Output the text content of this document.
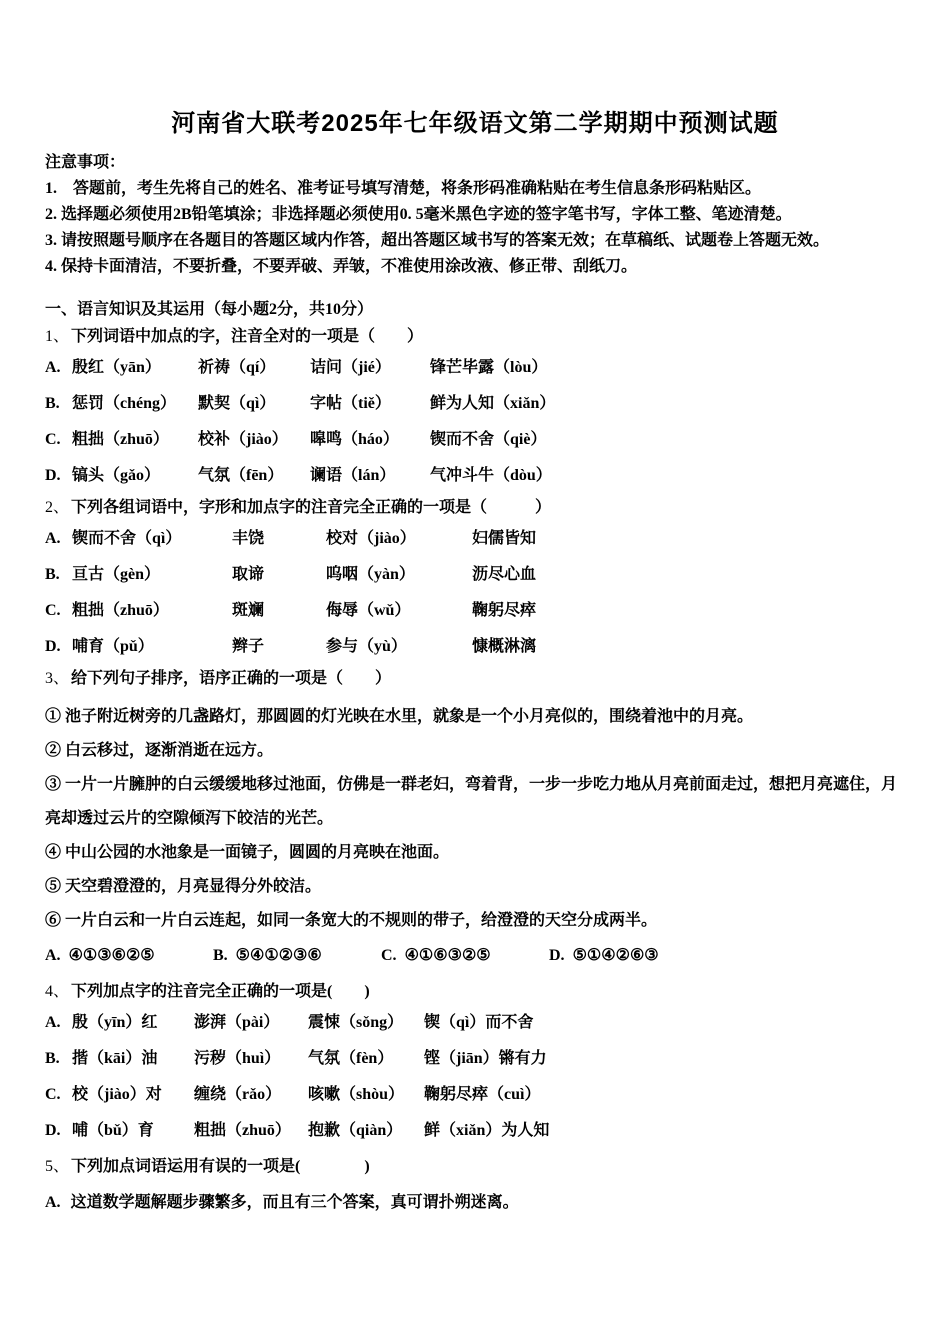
河南省大联考2025年七年级语文第二学期期中预测试题

注意事项：

1.　答题前，考生先将自己的姓名、准考证号填写清楚，将条形码准确粘贴在考生信息条形码粘贴区。

2. 选择题必须使用2B铅笔填涂；非选择题必须使用0. 5毫米黑色字迹的签字笔书写，字体工整、笔迹清楚。

3. 请按照题号顺序在各题目的答题区域内作答，超出答题区域书写的答案无效；在草稿纸、试题卷上答题无效。

4. 保持卡面清洁，不要折叠，不要弄破、弄皱，不准使用涂改液、修正带、刮纸刀。

一、语言知识及其运用（每小题2分，共10分）

1、 下列词语中加点的字，注音全对的一项是（　　）

A. 殷红（yān）	祈祷（qí）	诘问（jié）	锋芒毕露（lòu）
B. 惩罚（chéng）	默契（qì）	字帖（tiě）	鲜为人知（xiǎn）
C. 粗拙（zhuō）	校补（jiào）	嗥鸣（háo）	锲而不舍（qiè）
D. 镐头（gǎo）	气氛（fēn）	谰语（lán）	气冲斗牛（dòu）

2、 下列各组词语中，字形和加点字的注音完全正确的一项是（　　　）

A. 锲而不舍（qì）	丰饶	校对（jiào）	妇儒皆知
B. 亘古（gèn）	取谛	呜咽（yàn）	沥尽心血
C. 粗拙（zhuō）	斑斓	侮辱（wǔ）	鞠躬尽瘁
D. 哺育（pǔ）	辫子	参与（yù）	慷概淋漓

3、 给下列句子排序，语序正确的一项是（　　）

① 池子附近树旁的几盏路灯，那圆圆的灯光映在水里，就象是一个小月亮似的，围绕着池中的月亮。

② 白云移过，逐渐消逝在远方。

③ 一片一片臃肿的白云缓缓地移过池面，仿佛是一群老妇，弯着背，一步一步吃力地从月亮前面走过，想把月亮遮住，月亮却透过云片的空隙倾泻下皎洁的光芒。

④ 中山公园的水池象是一面镜子，圆圆的月亮映在池面。

⑤ 天空碧澄澄的，月亮显得分外皎洁。

⑥ 一片白云和一片白云连起，如同一条宽大的不规则的带子，给澄澄的天空分成两半。

A. ④①③⑥②⑤	B. ⑤④①②③⑥	C. ④①⑥③②⑤	D. ⑤①④②⑥③

4、 下列加点字的注音完全正确的一项是(　　)

A. 殷（yīn）红	澎湃（pài）	震悚（sǒng）	锲（qì）而不舍
B. 揩（kāi）油	污秽（huì）	气氛（fèn）	铿（jiān）锵有力
C. 校（jiào）对	缠绕（rǎo）	咳嗽（shòu）	鞠躬尽瘁（cuì）
D. 哺（bǔ）育	粗拙（zhuō）	抱歉（qiàn）	鲜（xiǎn）为人知

5、 下列加点词语运用有误的一项是(　　　　)

A. 这道数学题解题步骤繁多，而且有三个答案，真可谓扑朔迷离。
